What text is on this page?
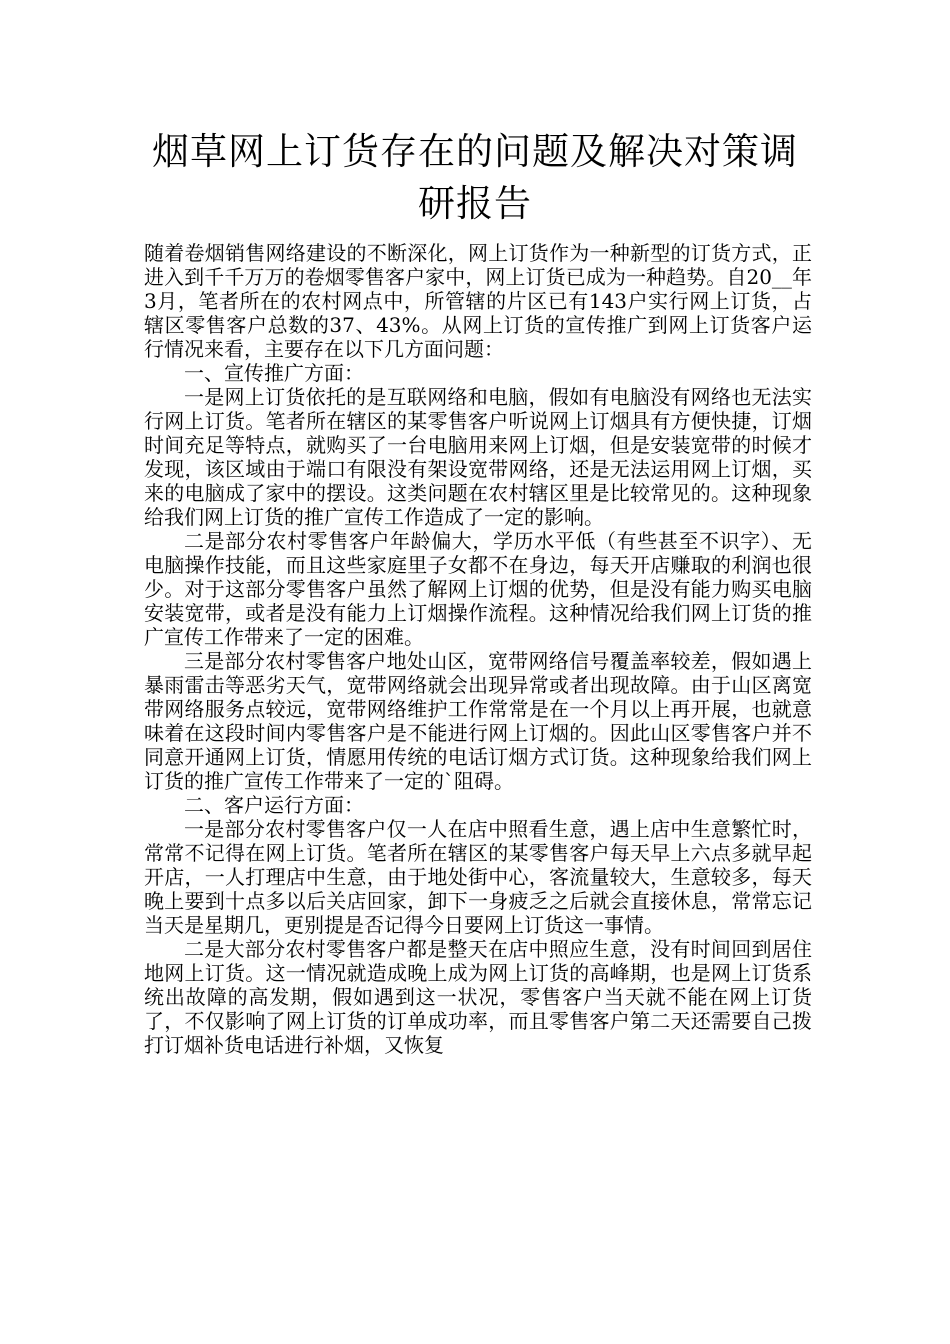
烟草网上订货存在的问题及解决对策调
研报告

随着卷烟销售网络建设的不断深化，网上订货作为一种新型的订货方式，正进入到千千万万的卷烟零售客户家中，网上订货已成为一种趋势。自20__年3月，笔者所在的农村网点中，所管辖的片区已有143户实行网上订货，占辖区零售客户总数的37、43%。从网上订货的宣传推广到网上订货客户运行情况来看，主要存在以下几方面问题：

一、宣传推广方面：

一是网上订货依托的是互联网络和电脑，假如有电脑没有网络也无法实行网上订货。笔者所在辖区的某零售客户听说网上订烟具有方便快捷，订烟时间充足等特点，就购买了一台电脑用来网上订烟，但是安装宽带的时候才发现，该区域由于端口有限没有架设宽带网络，还是无法运用网上订烟，买来的电脑成了家中的摆设。这类问题在农村辖区里是比较常见的。这种现象给我们网上订货的推广宣传工作造成了一定的影响。

二是部分农村零售客户年龄偏大，学历水平低（有些甚至不识字）、无电脑操作技能，而且这些家庭里子女都不在身边，每天开店赚取的利润也很少。对于这部分零售客户虽然了解网上订烟的优势，但是没有能力购买电脑安装宽带，或者是没有能力上订烟操作流程。这种情况给我们网上订货的推广宣传工作带来了一定的困难。

三是部分农村零售客户地处山区，宽带网络信号覆盖率较差，假如遇上暴雨雷击等恶劣天气，宽带网络就会出现异常或者出现故障。由于山区离宽带网络服务点较远，宽带网络维护工作常常是在一个月以上再开展，也就意味着在这段时间内零售客户是不能进行网上订烟的。因此山区零售客户并不同意开通网上订货，情愿用传统的电话订烟方式订货。这种现象给我们网上订货的推广宣传工作带来了一定的`阻碍。

二、客户运行方面：

一是部分农村零售客户仅一人在店中照看生意，遇上店中生意繁忙时，常常不记得在网上订货。笔者所在辖区的某零售客户每天早上六点多就早起开店，一人打理店中生意，由于地处街中心，客流量较大，生意较多，每天晚上要到十点多以后关店回家，卸下一身疲乏之后就会直接休息，常常忘记当天是星期几，更别提是否记得今日要网上订货这一事情。

二是大部分农村零售客户都是整天在店中照应生意，没有时间回到居住地网上订货。这一情况就造成晚上成为网上订货的高峰期，也是网上订货系统出故障的高发期，假如遇到这一状况，零售客户当天就不能在网上订货了，不仅影响了网上订货的订单成功率，而且零售客户第二天还需要自己拨打订烟补货电话进行补烟，又恢复
